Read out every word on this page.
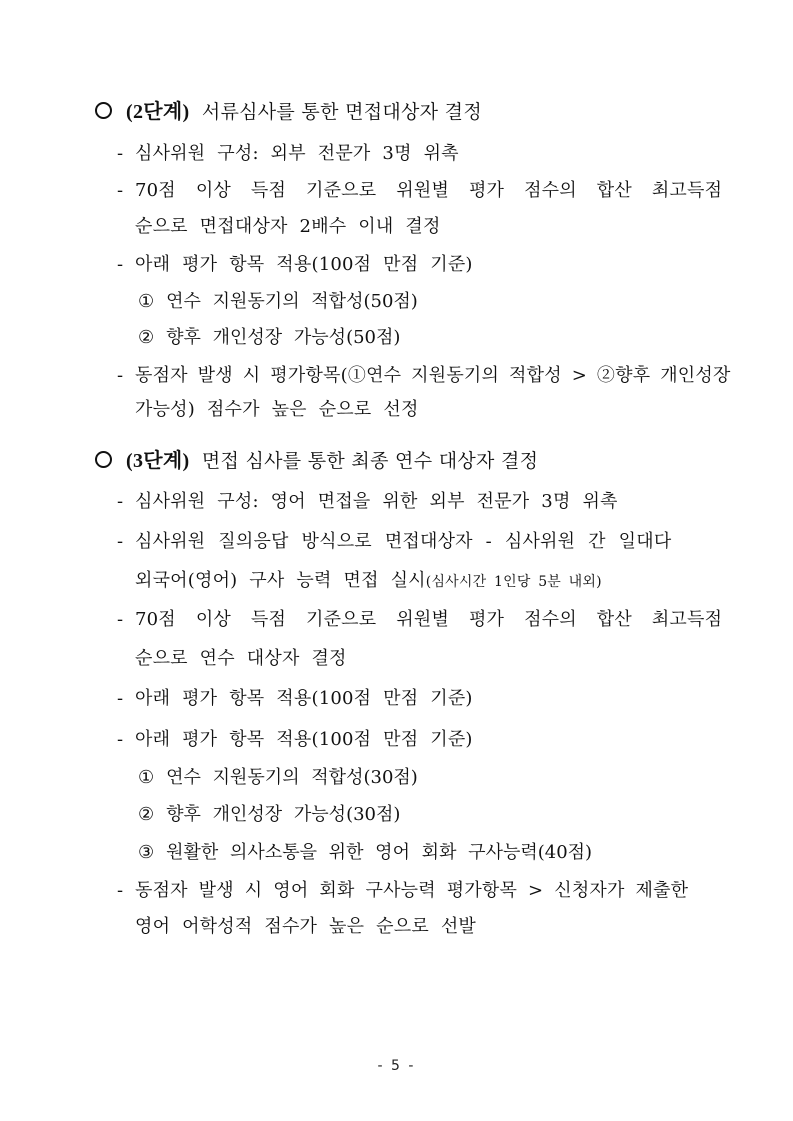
(2단계) 서류심사를 통한 면접대상자 결정
- 심사위원 구성: 외부 전문가 3명 위촉
- 70점 이상 득점 기준으로 위원별 평가 점수의 합산 최고득점
순으로 면접대상자 2배수 이내 결정
- 아래 평가 항목 적용(100점 만점 기준)
① 연수 지원동기의 적합성(50점)
② 향후 개인성장 가능성(50점)
- 동점자 발생 시 평가항목(①연수 지원동기의 적합성 > ②향후 개인성장
가능성) 점수가 높은 순으로 선정
(3단계) 면접 심사를 통한 최종 연수 대상자 결정
- 심사위원 구성: 영어 면접을 위한 외부 전문가 3명 위촉
- 심사위원 질의응답 방식으로 면접대상자 - 심사위원 간 일대다
외국어(영어) 구사 능력 면접 실시(심사시간 1인당 5분 내외)
- 70점 이상 득점 기준으로 위원별 평가 점수의 합산 최고득점
순으로 연수 대상자 결정
- 아래 평가 항목 적용(100점 만점 기준)
- 아래 평가 항목 적용(100점 만점 기준)
① 연수 지원동기의 적합성(30점)
② 향후 개인성장 가능성(30점)
③ 원활한 의사소통을 위한 영어 회화 구사능력(40점)
- 동점자 발생 시 영어 회화 구사능력 평가항목 > 신청자가 제출한
영어 어학성적 점수가 높은 순으로 선발
- 5 -
